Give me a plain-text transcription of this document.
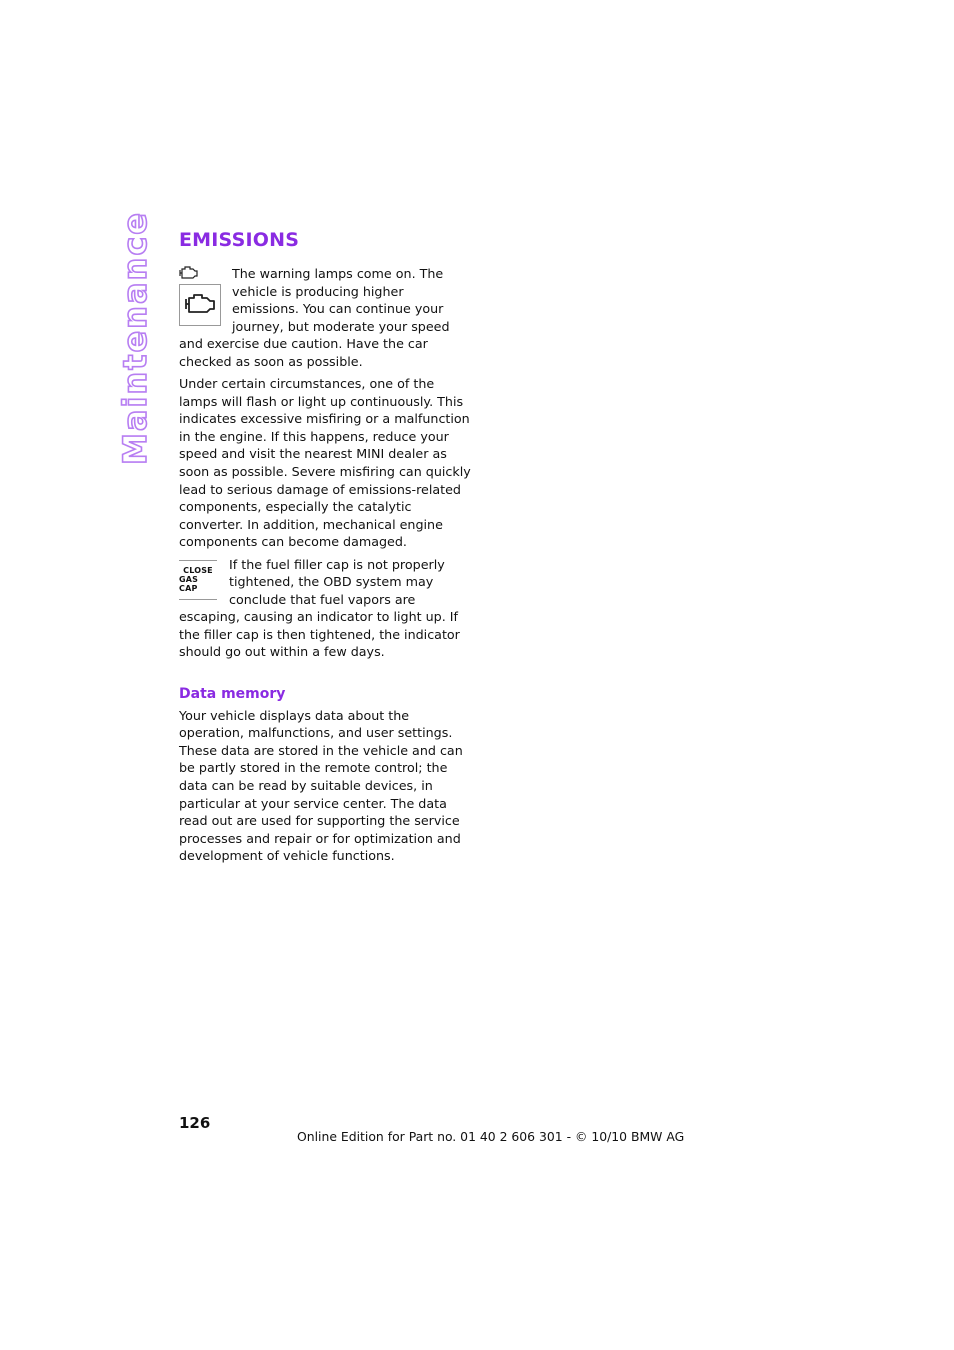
Maintenance EMISSIONS

The warning lamps come on. The vehicle is producing higher emissions. You can continue your journey, but moderate your speed and exercise due caution. Have the car checked as soon as possible.

Under certain circumstances, one of the lamps will flash or light up continuously. This indicates excessive misfiring or a malfunction in the engine. If this happens, reduce your speed and visit the nearest MINI dealer as soon as possible. Severe misfiring can quickly lead to serious damage of emissions-related components, especially the catalytic converter. In addition, mechanical engine components can become damaged.

CLOSE
GAS CAP

If the fuel filler cap is not properly tightened, the OBD system may conclude that fuel vapors are escaping, causing an indicator to light up. If the filler cap is then tightened, the indicator should go out within a few days.

Data memory

Your vehicle displays data about the operation, malfunctions, and user settings. These data are stored in the vehicle and can be partly stored in the remote control; the data can be read by suitable devices, in particular at your service center. The data read out are used for supporting the service processes and repair or for optimization and development of vehicle functions.

126
Online Edition for Part no. 01 40 2 606 301 - © 10/10 BMW AG
